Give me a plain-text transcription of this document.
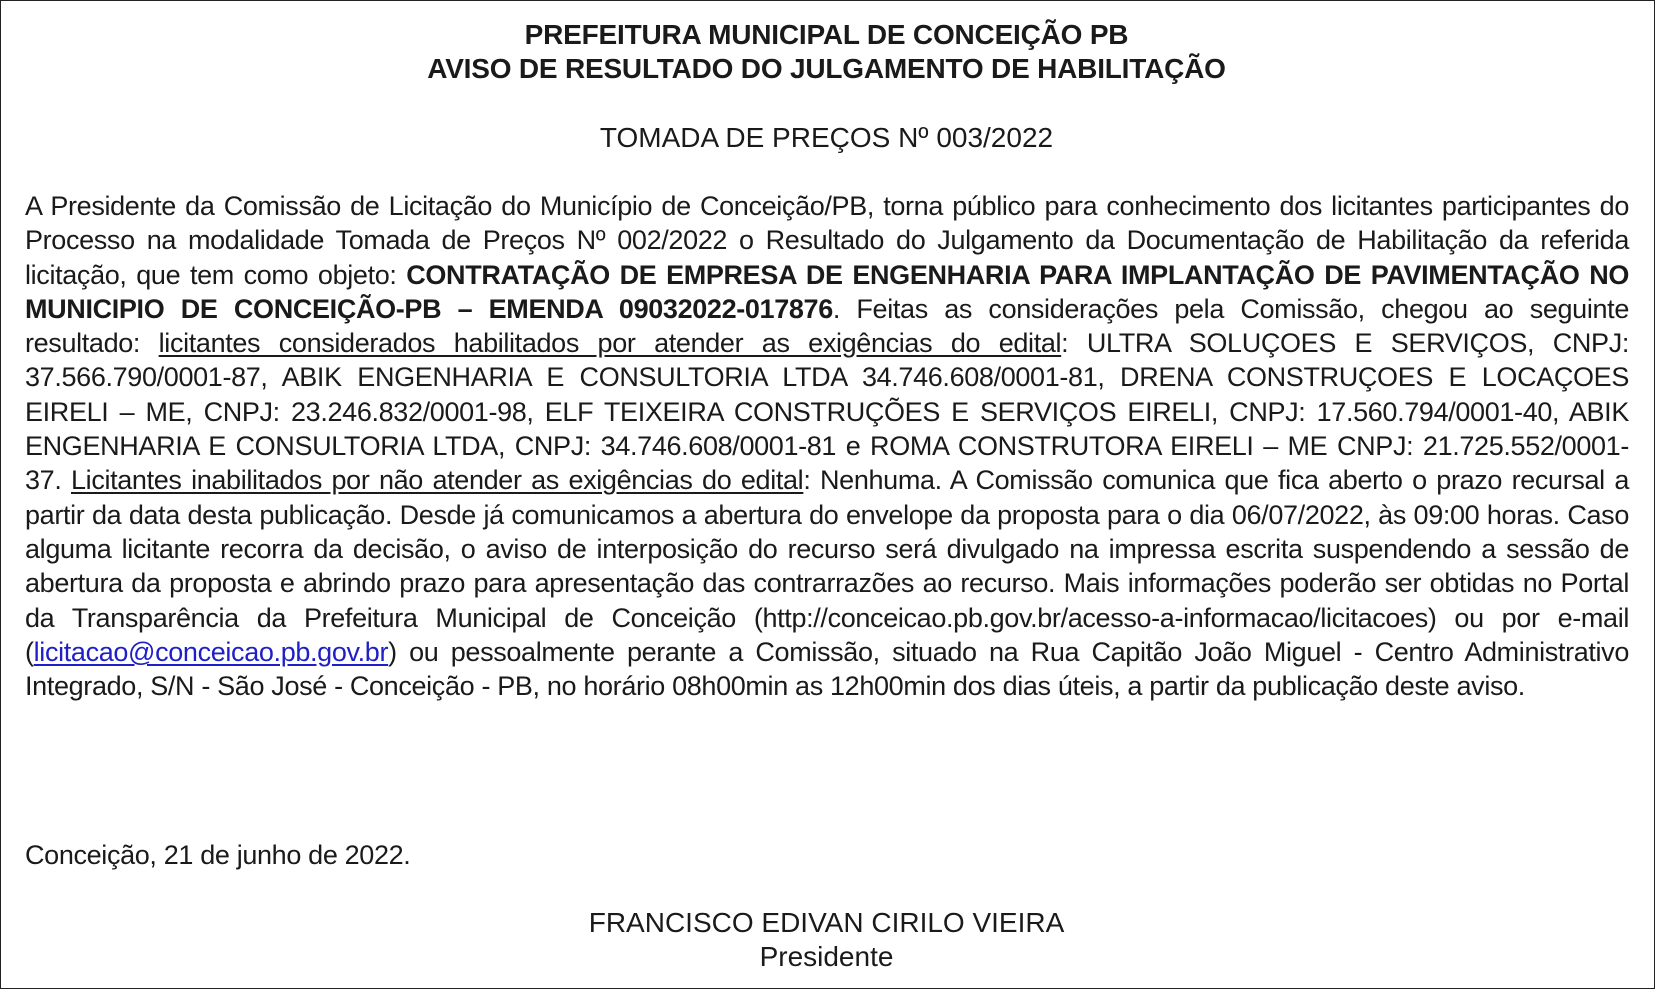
PREFEITURA MUNICIPAL DE CONCEIÇÃO PB
AVISO DE RESULTADO DO JULGAMENTO DE HABILITAÇÃO
TOMADA DE PREÇOS Nº 003/2022
A Presidente da Comissão de Licitação do Município de Conceição/PB, torna público para conhecimento dos licitantes participantes do Processo na modalidade Tomada de Preços Nº 002/2022 o Resultado do Julgamento da Documentação de Habilitação da referida licitação, que tem como objeto: CONTRATAÇÃO DE EMPRESA DE ENGENHARIA PARA IMPLANTAÇÃO DE PAVIMENTAÇÃO NO MUNICIPIO DE CONCEIÇÃO-PB – EMENDA 09032022-017876. Feitas as considerações pela Comissão, chegou ao seguinte resultado: licitantes considerados habilitados por atender as exigências do edital: ULTRA SOLUÇOES E SERVIÇOS, CNPJ: 37.566.790/0001-87, ABIK ENGENHARIA E CONSULTORIA LTDA 34.746.608/0001-81, DRENA CONSTRUÇOES E LOCAÇOES EIRELI – ME, CNPJ: 23.246.832/0001-98, ELF TEIXEIRA CONSTRUÇÕES E SERVIÇOS EIRELI, CNPJ: 17.560.794/0001-40, ABIK ENGENHARIA E CONSULTORIA LTDA, CNPJ: 34.746.608/0001-81 e ROMA CONSTRUTORA EIRELI – ME CNPJ: 21.725.552/0001-37. Licitantes inabilitados por não atender as exigências do edital: Nenhuma. A Comissão comunica que fica aberto o prazo recursal a partir da data desta publicação. Desde já comunicamos a abertura do envelope da proposta para o dia 06/07/2022, às 09:00 horas. Caso alguma licitante recorra da decisão, o aviso de interposição do recurso será divulgado na impressa escrita suspendendo a sessão de abertura da proposta e abrindo prazo para apresentação das contrarrazões ao recurso. Mais informações poderão ser obtidas no Portal da Transparência da Prefeitura Municipal de Conceição (http://conceicao.pb.gov.br/acesso-a-informacao/licitacoes) ou por e-mail (licitacao@conceicao.pb.gov.br) ou pessoalmente perante a Comissão, situado na Rua Capitão João Miguel - Centro Administrativo Integrado, S/N - São José - Conceição - PB, no horário 08h00min as 12h00min dos dias úteis, a partir da publicação deste aviso.
Conceição, 21 de junho de 2022.
FRANCISCO EDIVAN CIRILO VIEIRA
Presidente
